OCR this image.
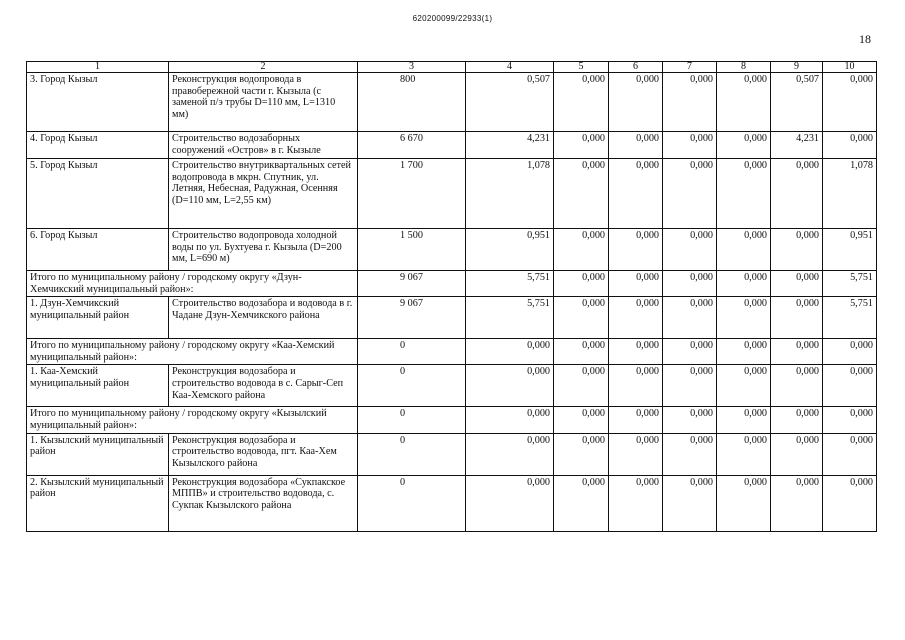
620200099/22933(1)
18
1	2	3	4	5	6	7	8	9	10
3. Город Кызыл	Реконструкция водопровода в правобережной части г. Кызыла (с заменой п/э трубы D=110 мм, L=1310 мм)	800	0,507	0,000	0,000	0,000	0,000	0,507	0,000
4. Город Кызыл	Строительство водозаборных сооружений «Остров» в г. Кызыле	6 670	4,231	0,000	0,000	0,000	0,000	4,231	0,000
5. Город Кызыл	Строительство внутриквартальных сетей водопровода в мкрн. Спутник, ул. Летняя, Небесная, Радужная, Осенняя (D=110 мм, L=2,55 км)	1 700	1,078	0,000	0,000	0,000	0,000	0,000	1,078
6. Город Кызыл	Строительство водопровода холодной воды по ул. Бухтуева г. Кызыла (D=200 мм, L=690 м)	1 500	0,951	0,000	0,000	0,000	0,000	0,000	0,951
Итого по муниципальному району / городскому округу «Дзун-Хемчикский муниципальный район»:		9 067	5,751	0,000	0,000	0,000	0,000	0,000	5,751
1. Дзун-Хемчикский муниципальный район	Строительство водозабора и водовода в г. Чадане Дзун-Хемчикского района	9 067	5,751	0,000	0,000	0,000	0,000	0,000	5,751
Итого по муниципальному району / городскому округу «Каа-Хемский муниципальный район»:		0	0,000	0,000	0,000	0,000	0,000	0,000	0,000
1. Каа-Хемский муниципальный район	Реконструкция водозабора и строительство водовода в с. Сарыг-Сеп Каа-Хемского района	0	0,000	0,000	0,000	0,000	0,000	0,000	0,000
Итого по муниципальному району / городскому округу «Кызылский муниципальный район»:		0	0,000	0,000	0,000	0,000	0,000	0,000	0,000
1. Кызылский муниципальный район	Реконструкция водозабора и строительство водовода, пгт. Каа-Хем Кызылского района	0	0,000	0,000	0,000	0,000	0,000	0,000	0,000
2. Кызылский муниципальный район	Реконструкция водозабора «Сукпакское МППВ» и строительство водовода, с. Сукпак Кызылского района	0	0,000	0,000	0,000	0,000	0,000	0,000	0,000
